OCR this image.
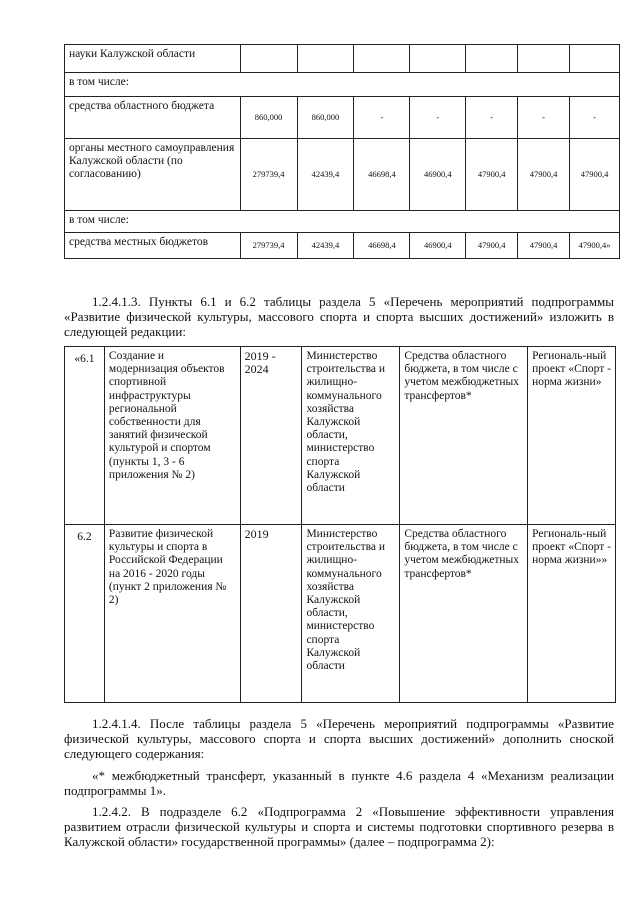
науки Калужской области							
в том числе:							
средства областного бюджета	860,000	860,000	-	-	-	-	-
органы местного самоуправления Калужской области (по согласованию)	279739,4	42439,4	46698,4	46900,4	47900,4	47900,4	47900,4
в том числе:							
средства местных бюджетов	279739,4	42439,4	46698,4	46900,4	47900,4	47900,4	47900,4»
1.2.4.1.3. Пункты 6.1 и 6.2 таблицы раздела 5 «Перечень мероприятий подпрограммы «Развитие физической культуры, массового спорта и спорта высших достижений» изложить в следующей редакции:
«6.1	Создание и модернизация объектов спортивной инфраструктуры региональной собственности для занятий физической культурой и спортом (пункты 1, 3 - 6 приложения № 2)	2019 - 2024	Министерство строительства и жилищно-коммунального хозяйства Калужской области, министерство спорта Калужской области	Средства областного бюджета, в том числе с учетом межбюджетных трансфертов*	Региональ-ный проект «Спорт - норма жизни»
6.2	Развитие физической культуры и спорта в Российской Федерации на 2016 - 2020 годы (пункт 2 приложения № 2)	2019	Министерство строительства и жилищно-коммунального хозяйства Калужской области, министерство спорта Калужской области	Средства областного бюджета, в том числе с учетом межбюджетных трансфертов*	Региональ-ный проект «Спорт - норма жизни»»
1.2.4.1.4. После таблицы раздела 5 «Перечень мероприятий подпрограммы «Развитие физической культуры, массового спорта и спорта высших достижений» дополнить сноской следующего содержания:
«* межбюджетный трансферт, указанный в пункте 4.6 раздела 4 «Механизм реализации подпрограммы 1».
1.2.4.2. В подразделе 6.2 «Подпрограмма 2 «Повышение эффективности управления развитием отрасли физической культуры и спорта и системы подготовки спортивного резерва в Калужской области» государственной программы» (далее – подпрограмма 2):
